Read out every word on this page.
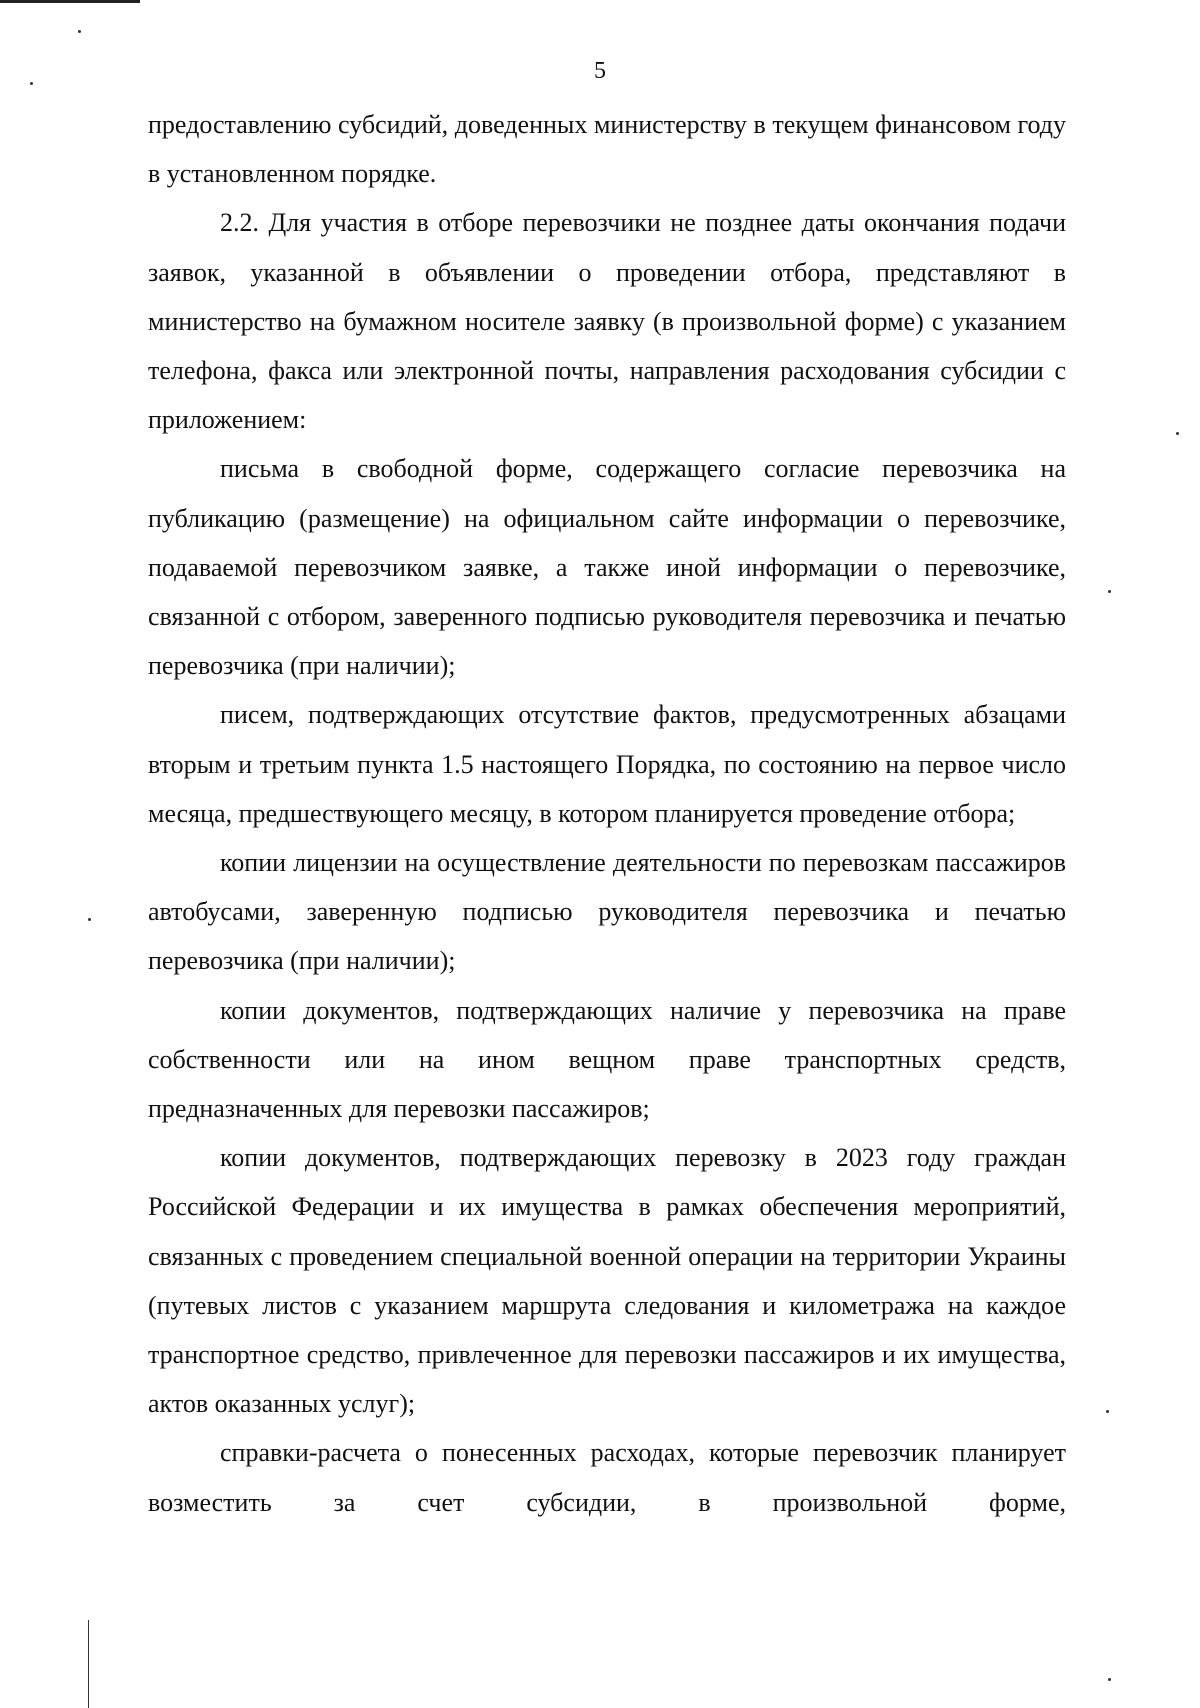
5

предоставлению субсидий, доведенных министерству в текущем финансовом году в установленном порядке.

2.2. Для участия в отборе перевозчики не позднее даты окончания подачи заявок, указанной в объявлении о проведении отбора, представляют в министерство на бумажном носителе заявку (в произвольной форме) с указанием телефона, факса или электронной почты, направления расходования субсидии с приложением:

письма в свободной форме, содержащего согласие перевозчика на публикацию (размещение) на официальном сайте информации о перевозчике, подаваемой перевозчиком заявке, а также иной информации о перевозчике, связанной с отбором, заверенного подписью руководителя перевозчика и печатью перевозчика (при наличии);

писем, подтверждающих отсутствие фактов, предусмотренных абзацами вторым и третьим пункта 1.5 настоящего Порядка, по состоянию на первое число месяца, предшествующего месяцу, в котором планируется проведение отбора;

копии лицензии на осуществление деятельности по перевозкам пассажиров автобусами, заверенную подписью руководителя перевозчика и печатью перевозчика (при наличии);

копии документов, подтверждающих наличие у перевозчика на праве собственности или на ином вещном праве транспортных средств, предназначенных для перевозки пассажиров;

копии документов, подтверждающих перевозку в 2023 году граждан Российской Федерации и их имущества в рамках обеспечения мероприятий, связанных с проведением специальной военной операции на территории Украины (путевых листов с указанием маршрута следования и километража на каждое транспортное средство, привлеченное для перевозки пассажиров и их имущества, актов оказанных услуг);

справки-расчета о понесенных расходах, которые перевозчик планирует возместить за счет субсидии, в произвольной форме,
